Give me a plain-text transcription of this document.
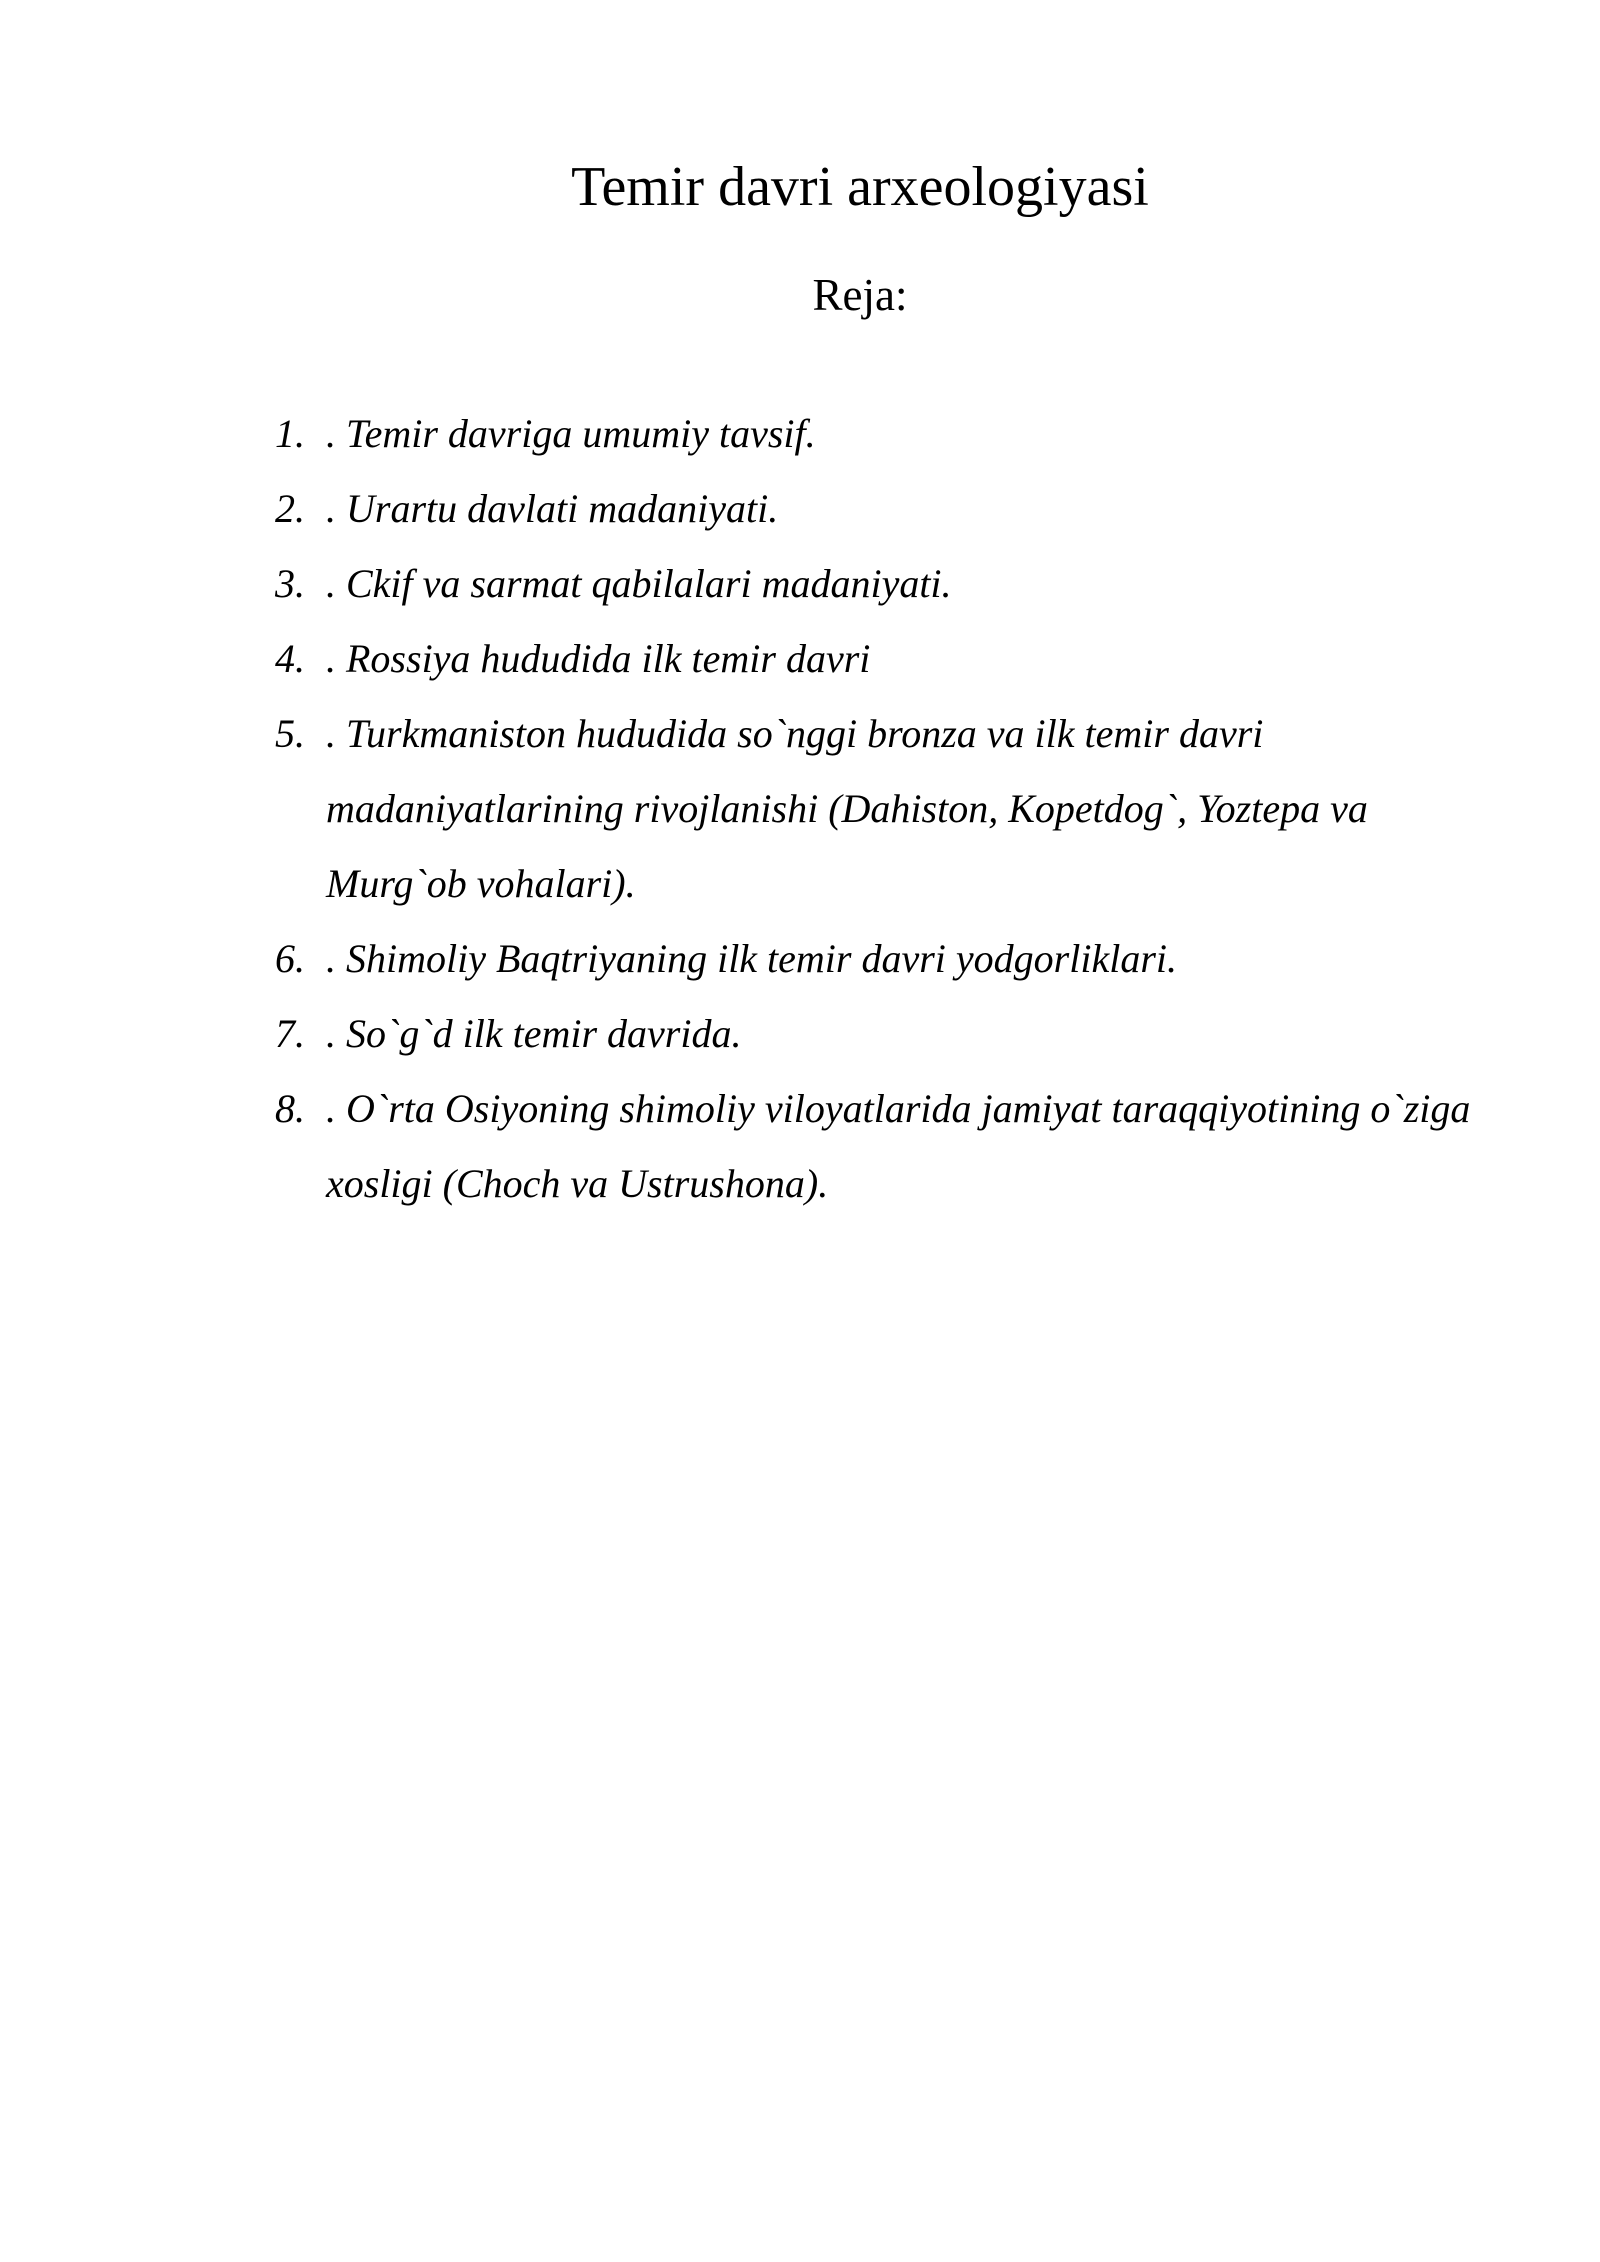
Temir davri arxeologiyasi
Reja:
1. . Temir davriga umumiy tavsif.
2. . Urartu davlati madaniyati.
3. . Ckif va sarmat qabilalari madaniyati.
4. . Rossiya hududida ilk temir davri
5. . Turkmaniston hududida so`nggi bronza va ilk temir davri madaniyatlarining rivojlanishi (Dahiston, Kopetdog`, Yoztepa va Murg`ob vohalari).
6. . Shimoliy Baqtriyaning ilk temir davri yodgorliklari.
7. . So`g`d ilk temir davrida.
8. . O`rta Osiyoning shimoliy viloyatlarida jamiyat taraqqiyotining o`ziga xosligi (Choch va Ustrushona).
